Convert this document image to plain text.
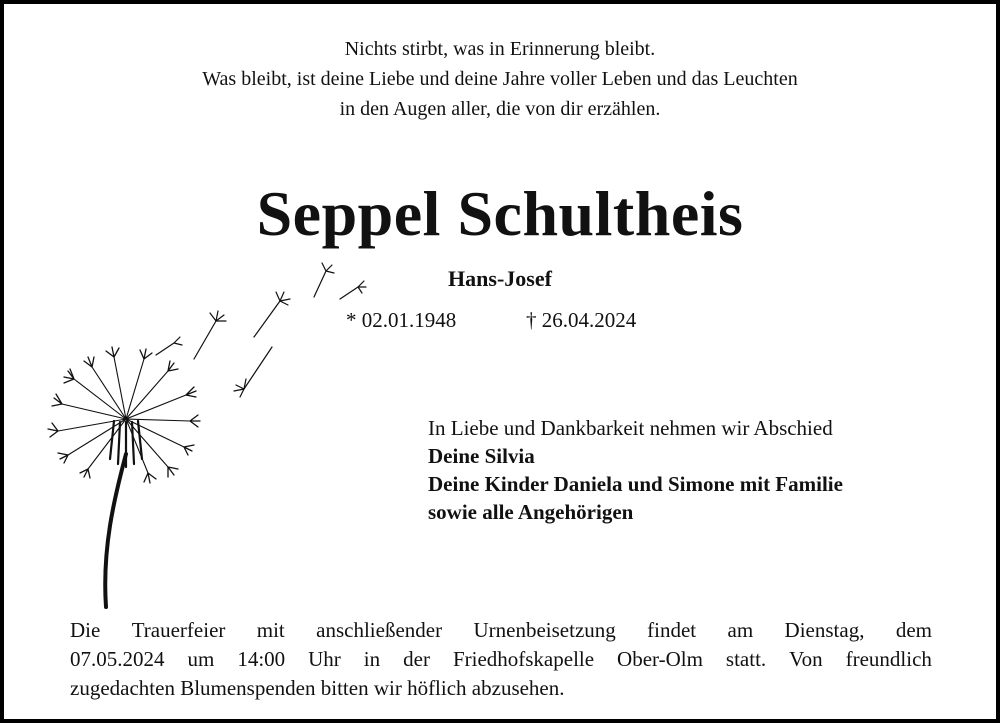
Nichts stirbt, was in Erinnerung bleibt.
Was bleibt, ist deine Liebe und deine Jahre voller Leben und das Leuchten
in den Augen aller, die von dir erzählen.
Seppel Schultheis
Hans-Josef
* 02.01.1948	† 26.04.2024
In Liebe und Dankbarkeit nehmen wir Abschied
Deine Silvia
Deine Kinder Daniela und Simone mit Familie
sowie alle Angehörigen
Die Trauerfeier mit anschließender Urnenbeisetzung findet am Dienstag, dem
07.05.2024 um 14:00 Uhr in der Friedhofskapelle Ober-Olm statt. Von freundlich
zugedachten Blumenspenden bitten wir höflich abzusehen.
